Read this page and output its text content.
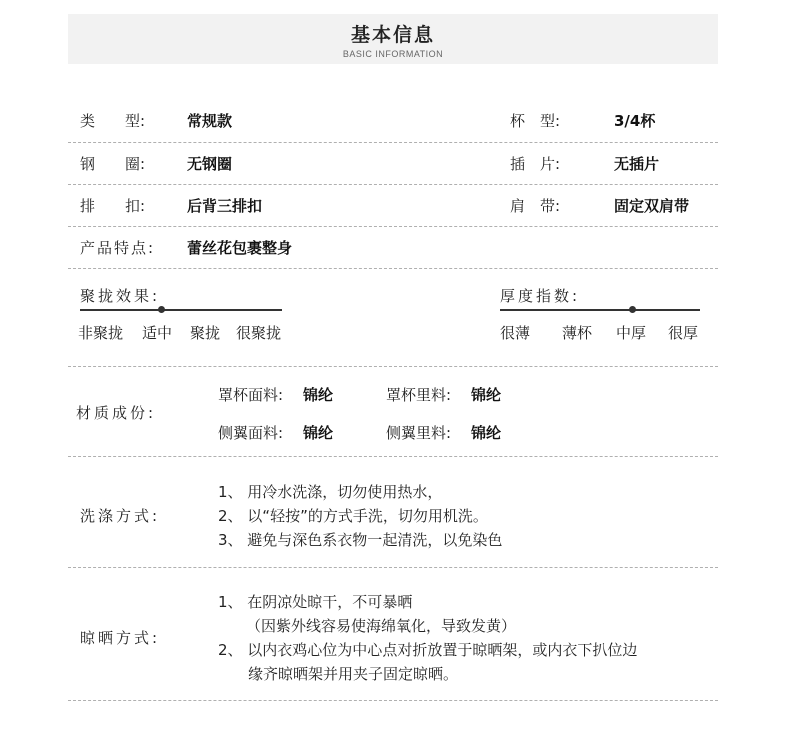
基本信息
BASIC INFORMATION
类　　型:	常规款	杯　型:	3/4杯
钢　　圈:	无钢圈	插　片:	无插片
排　　扣:	后背三排扣	肩　带:	固定双肩带
产品特点: 蕾丝花包裹整身
聚拢效果:
非聚拢 适中 聚拢 很聚拢
厚度指数:
很薄 薄杯 中厚 很厚
材质成份:
罩杯面料: 锦纶	罩杯里料: 锦纶
侧翼面料: 锦纶	侧翼里料: 锦纶
洗涤方式:
1、 用冷水洗涤，切勿使用热水，
2、 以“轻按”的方式手洗，切勿用机洗。
3、 避免与深色系衣物一起清洗，以免染色
晾晒方式:
1、 在阴凉处晾干，不可暴晒
（因紫外线容易使海绵氧化，导致发黄）
2、 以内衣鸡心位为中心点对折放置于晾晒架，或内衣下扒位边
缘齐晾晒架并用夹子固定晾晒。
